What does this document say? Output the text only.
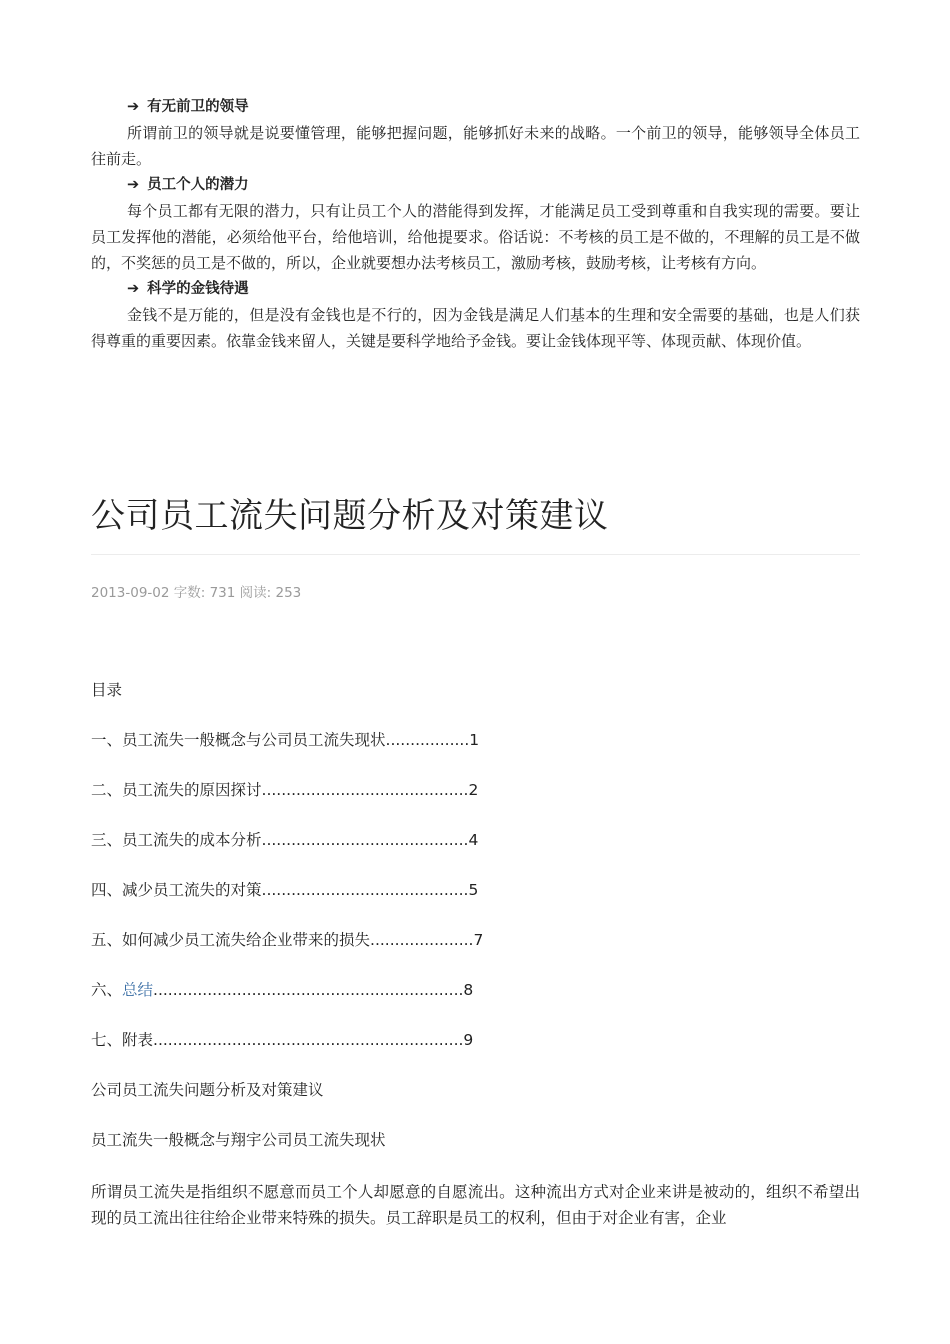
➔ 有无前卫的领导

所谓前卫的领导就是说要懂管理，能够把握问题，能够抓好未来的战略。一个前卫的领导，能够领导全体员工往前走。

➔ 员工个人的潜力

每个员工都有无限的潜力，只有让员工个人的潜能得到发挥，才能满足员工受到尊重和自我实现的需要。要让员工发挥他的潜能，必须给他平台，给他培训，给他提要求。俗话说：不考核的员工是不做的，不理解的员工是不做的，不奖惩的员工是不做的，所以，企业就要想办法考核员工，激励考核，鼓励考核，让考核有方向。

➔ 科学的金钱待遇

金钱不是万能的，但是没有金钱也是不行的，因为金钱是满足人们基本的生理和安全需要的基础，也是人们获得尊重的重要因素。依靠金钱来留人，关键是要科学地给予金钱。要让金钱体现平等、体现贡献、体现价值。

公司员工流失问题分析及对策建议
2013-09-02 字数: 731 阅读: 253
目录
一、员工流失一般概念与公司员工流失现状.................1
二、员工流失的原因探讨..........................................2
三、员工流失的成本分析..........................................4
四、减少员工流失的对策..........................................5
五、如何减少员工流失给企业带来的损失.....................7
六、总结...............................................................8
七、附表...............................................................9
公司员工流失问题分析及对策建议
员工流失一般概念与翔宇公司员工流失现状

所谓员工流失是指组织不愿意而员工个人却愿意的自愿流出。这种流出方式对企业来讲是被动的，组织不希望出现的员工流出往往给企业带来特殊的损失。员工辞职是员工的权利，但由于对企业有害，企业
